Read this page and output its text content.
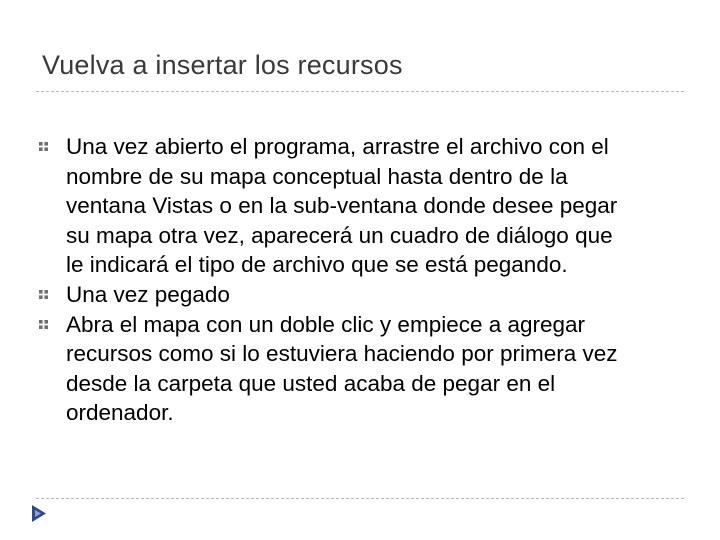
Vuelva a insertar los recursos
Una vez abierto el programa, arrastre el archivo con el nombre de su mapa conceptual hasta dentro de la ventana Vistas o en la sub-ventana donde desee pegar su mapa otra vez, aparecerá un cuadro de diálogo que le indicará el tipo de archivo que se está pegando.
Una vez pegado
Abra el mapa con un doble clic y empiece a agregar recursos como si lo estuviera haciendo por primera vez desde la carpeta que usted acaba de pegar en el ordenador.
